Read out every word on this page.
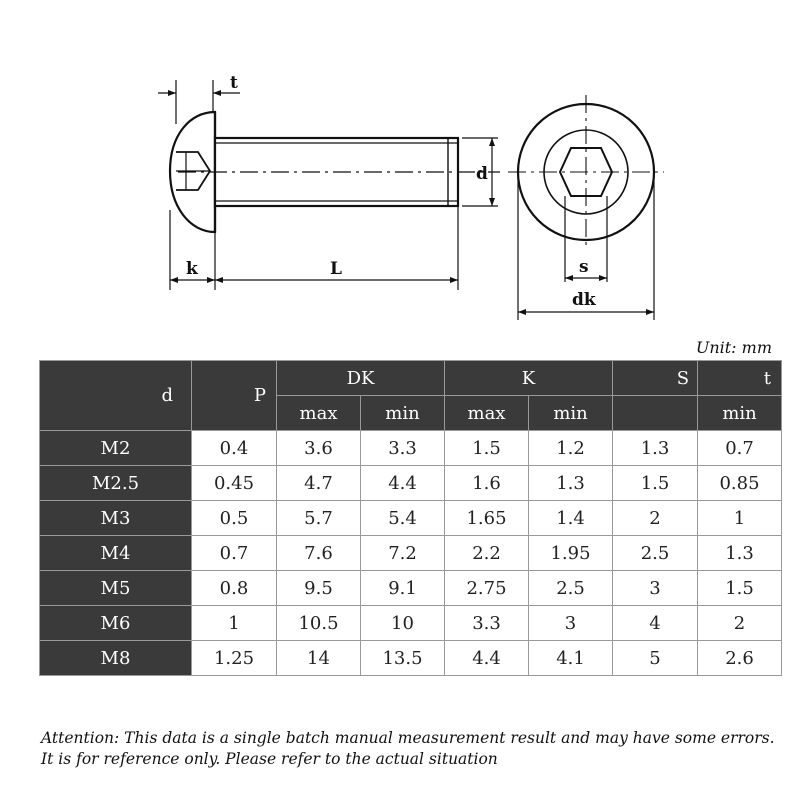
t
d
k	L	s
dk
Unit: mm
d	P	DK		K		S	t
		max	min	max	min		min
M2	0.4	3.6	3.3	1.5	1.2	1.3	0.7
M2.5	0.45	4.7	4.4	1.6	1.3	1.5	0.85
M3	0.5	5.7	5.4	1.65	1.4	2	1
M4	0.7	7.6	7.2	2.2	1.95	2.5	1.3
M5	0.8	9.5	9.1	2.75	2.5	3	1.5
M6	1	10.5	10	3.3	3	4	2
M8	1.25	14	13.5	4.4	4.1	5	2.6
Attention: This data is a single batch manual measurement result and may have some errors.
It is for reference only. Please refer to the actual situation
